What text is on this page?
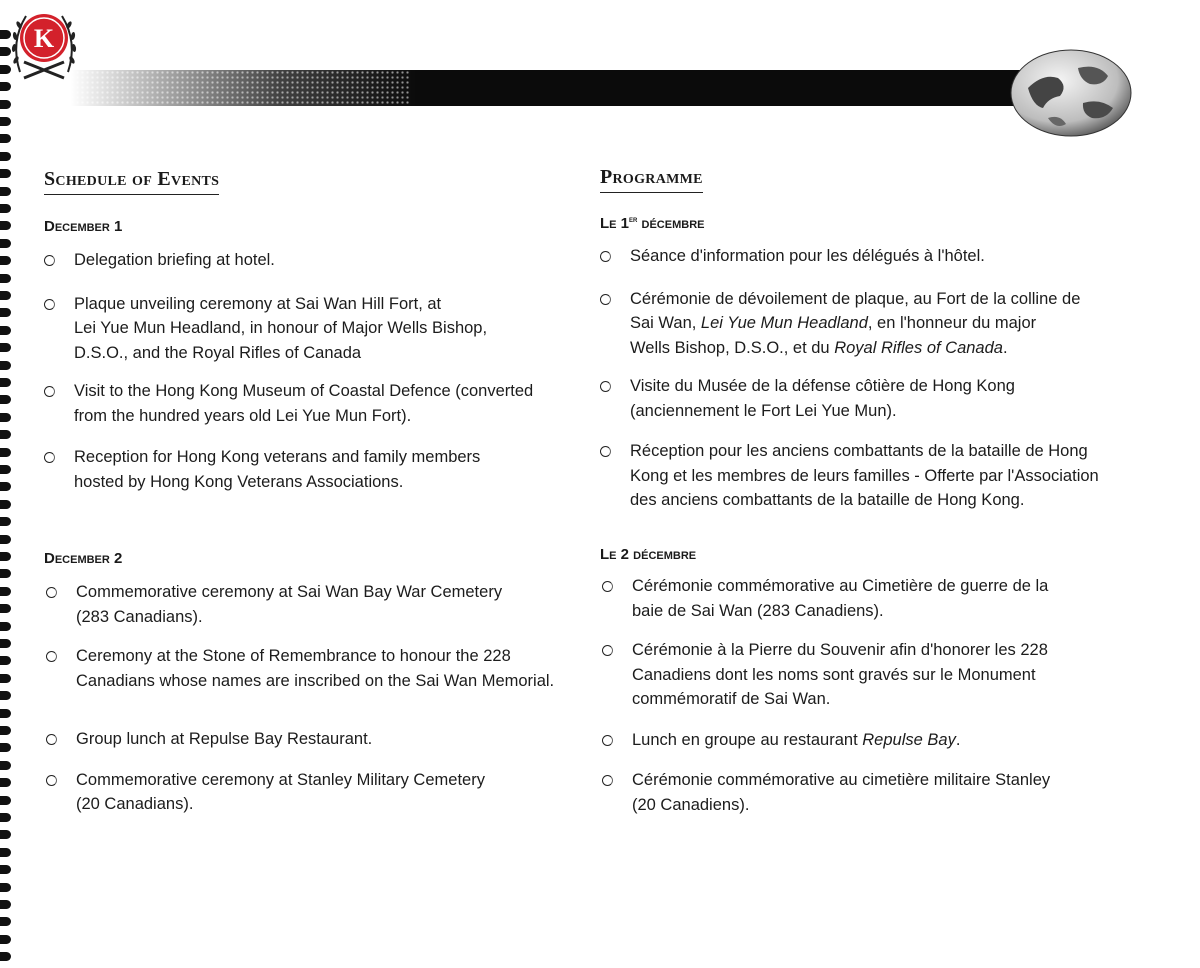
K
Schedule of Events
December 1
Delegation briefing at hotel.
Plaque unveiling ceremony at Sai Wan Hill Fort, at
Lei Yue Mun Headland, in honour of Major Wells Bishop,
D.S.O., and the Royal Rifles of Canada
Visit to the Hong Kong Museum of Coastal Defence (converted
from the hundred years old Lei Yue Mun Fort).
Reception for Hong Kong veterans and family members
hosted by Hong Kong Veterans Associations.
December 2
Commemorative ceremony at Sai Wan Bay War Cemetery
(283 Canadians).
Ceremony at the Stone of Remembrance to honour the 228
Canadians whose names are inscribed on the Sai Wan Memorial.
Group lunch at Repulse Bay Restaurant.
Commemorative ceremony at Stanley Military Cemetery
(20 Canadians).
Programme
Le 1er décembre
Séance d'information pour les délégués à l'hôtel.
Cérémonie de dévoilement de plaque, au Fort de la colline de
Sai Wan, Lei Yue Mun Headland, en l'honneur du major
Wells Bishop, D.S.O., et du Royal Rifles of Canada.
Visite du Musée de la défense côtière de Hong Kong
(anciennement le Fort Lei Yue Mun).
Réception pour les anciens combattants de la bataille de Hong
Kong et les membres de leurs familles - Offerte par l'Association
des anciens combattants de la bataille de Hong Kong.
Le 2 décembre
Cérémonie commémorative au Cimetière de guerre de la
baie de Sai Wan (283 Canadiens).
Cérémonie à la Pierre du Souvenir afin d'honorer les 228
Canadiens dont les noms sont gravés sur le Monument
commémoratif de Sai Wan.
Lunch en groupe au restaurant Repulse Bay.
Cérémonie commémorative au cimetière militaire Stanley
(20 Canadiens).
